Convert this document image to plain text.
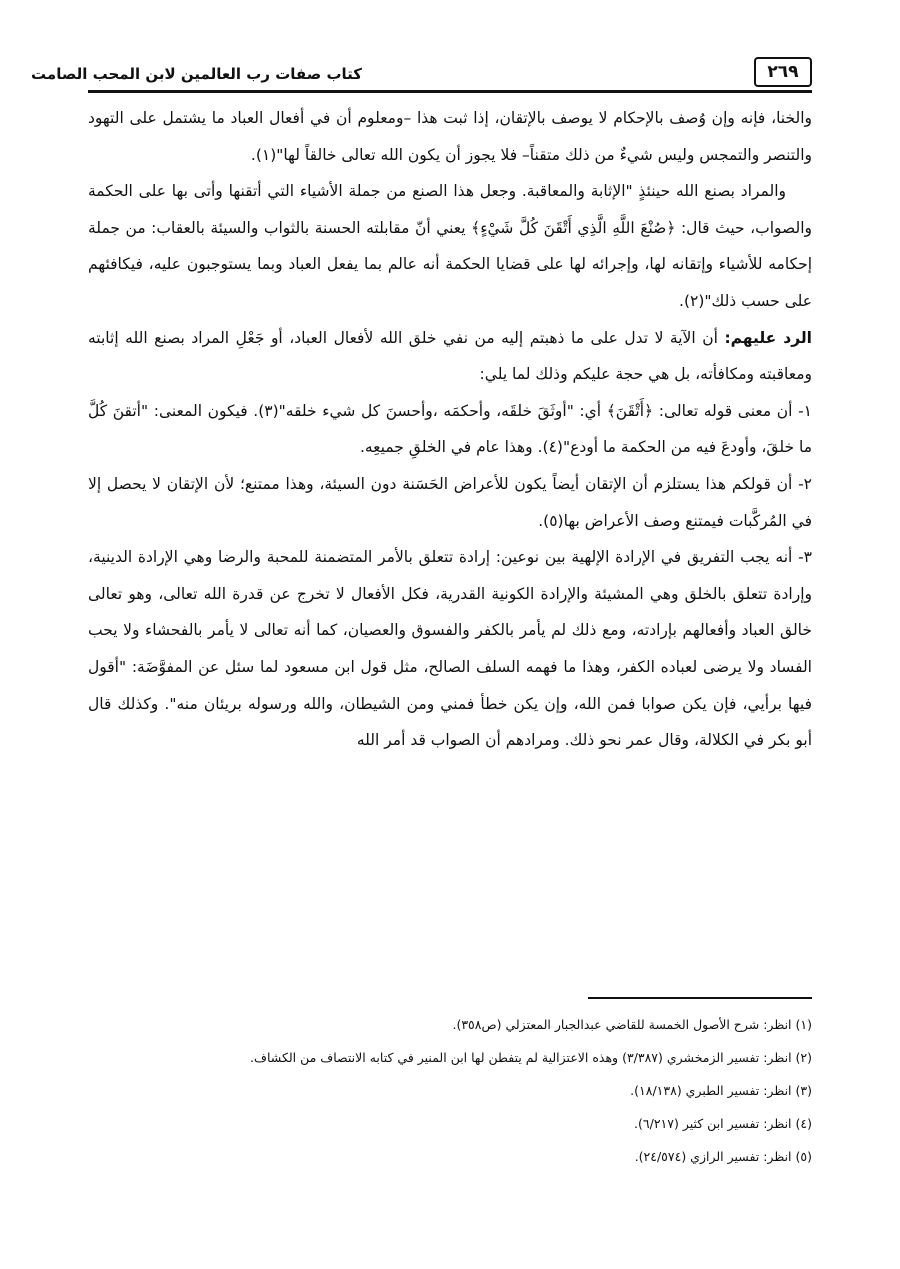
٢٦٩
كتاب صفات رب العالمين لابن المحب الصامت

والخنا، فإنه وإن وُصف بالإحكام لا يوصف بالإتقان، إذا ثبت هذا –ومعلوم أن في أفعال العباد ما يشتمل على التهود والتنصر والتمجس وليس شيءٌ من ذلك متقناً– فلا يجوز أن يكون الله تعالى خالقاً لها"(١).

والمراد بصنع الله حينئذٍ "الإثابة والمعاقبة. وجعل هذا الصنع من جملة الأشياء التي أتقنها وأتى بها على الحكمة والصواب، حيث قال: ﴿صُنْعَ اللَّهِ الَّذِي أَتْقَنَ كُلَّ شَيْءٍ﴾ يعني أنّ مقابلته الحسنة بالثواب والسيئة بالعقاب: من جملة إحكامه للأشياء وإتقانه لها، وإجرائه لها على قضايا الحكمة أنه عالم بما يفعل العباد وبما يستوجبون عليه، فيكافئهم على حسب ذلك"(٢).

الرد عليهم: أن الآية لا تدل على ما ذهبتم إليه من نفي خلق الله لأفعال العباد، أو جَعْلِ المراد بصنع الله إثابته ومعاقبته ومكافأته، بل هي حجة عليكم وذلك لما يلي:

١- أن معنى قوله تعالى: ﴿أَتْقَنَ﴾ أي: "أوثَقَ خلقَه، وأحكمَه ،وأحسنَ كل شيء خلقه"(٣). فيكون المعنى: "أتقنَ كُلَّ ما خلقَ، وأودعَ فيه من الحكمة ما أودع"(٤). وهذا عام في الخلقِ جميعِه.

٢- أن قولكم هذا يستلزم أن الإتقان أيضاً يكون للأعراض الحَسَنة دون السيئة، وهذا ممتنع؛ لأن الإتقان لا يحصل إلا في المُركَّبات فيمتنع وصف الأعراض بها(٥).

٣- أنه يجب التفريق في الإرادة الإلهية بين نوعين: إرادة تتعلق بالأمر المتضمنة للمحبة والرضا وهي الإرادة الدينية، وإرادة تتعلق بالخلق وهي المشيئة والإرادة الكونية القدرية، فكل الأفعال لا تخرج عن قدرة الله تعالى، وهو تعالى خالق العباد وأفعالهم بإرادته، ومع ذلك لم يأمر بالكفر والفسوق والعصيان، كما أنه تعالى لا يأمر بالفحشاء ولا يحب الفساد ولا يرضى لعباده الكفر، وهذا ما فهمه السلف الصالح، مثل قول ابن مسعود لما سئل عن المفوَّضَة: "أقول فيها برأيي، فإن يكن صوابا فمن الله، وإن يكن خطأ فمني ومن الشيطان، والله ورسوله بريئان منه". وكذلك قال أبو بكر في الكلالة، وقال عمر نحو ذلك. ومرادهم أن الصواب قد أمر الله

(١) انظر: شرح الأصول الخمسة للقاضي عبدالجبار المعتزلي (ص٣٥٨).

(٢) انظر: تفسير الزمخشري (٣/٣٨٧) وهذه الاعتزالية لم يتفطن لها ابن المنير في كتابه الانتصاف من الكشاف.

(٣) انظر: تفسير الطبري (١٨/١٣٨).

(٤) انظر: تفسير ابن كثير (٦/٢١٧).

(٥) انظر: تفسير الرازي (٢٤/٥٧٤).
